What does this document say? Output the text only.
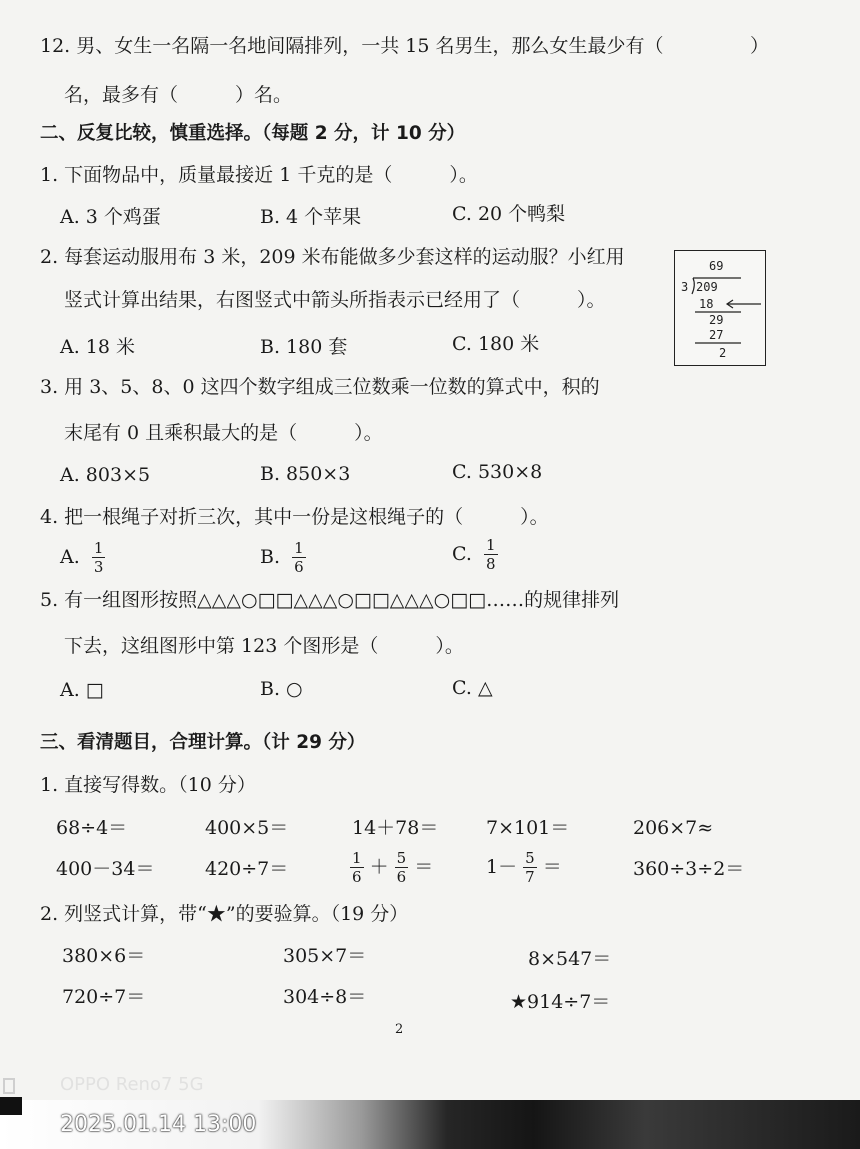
12. 男、女生一名隔一名地间隔排列，一共 15 名男生，那么女生最少有（	）
名，最多有（　　　）名。
二、反复比较，慎重选择。（每题 2 分，计 10 分）
1. 下面物品中，质量最接近 1 千克的是（　　　）。
A. 3 个鸡蛋	B. 4 个苹果	C. 20 个鸭梨
2. 每套运动服用布 3 米，209 米布能做多少套这样的运动服？小红用
竖式计算出结果，右图竖式中箭头所指表示已经用了（　　　）。
A. 18 米	B. 180 套	C. 180 米
69
3 209
18
29
27
2
3. 用 3、5、8、0 这四个数字组成三位数乘一位数的算式中，积的
末尾有 0 且乘积最大的是（　　　）。
A. 803×5	B. 850×3	C. 530×8
4. 把一根绳子对折三次，其中一份是这根绳子的（　　　）。
A. $\frac{1}{3}$	B. $\frac{1}{6}$	C. $\frac{1}{8}$
5. 有一组图形按照△△△○□□△△△○□□△△△○□□……的规律排列
下去，这组图形中第 123 个图形是（　　　）。
A. □	B. ○	C. △
三、看清题目，合理计算。（计 29 分）
1. 直接写得数。（10 分）
68÷4＝	400×5＝	14＋78＝	7×101＝	206×7≈
400－34＝	420÷7＝	$\frac{1}{6} + \frac{5}{6}$ ＝	$1- \frac{5}{7}$ ＝	360÷3÷2＝
2. 列竖式计算，带“★”的要验算。（19 分）
380×6＝	305×7＝	8×547＝
720÷7＝	304÷8＝	★914÷7＝
2
OPPO Reno7 5G
2025.01.14 13:00
